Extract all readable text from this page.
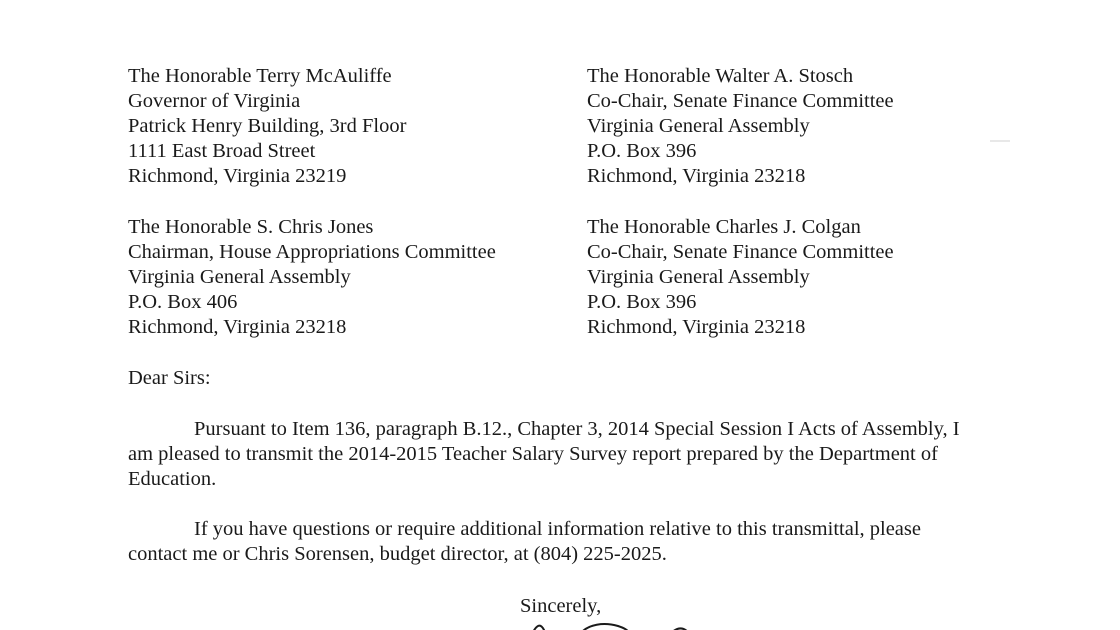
The Honorable Terry McAuliffe
Governor of Virginia
Patrick Henry Building, 3rd Floor
1111 East Broad Street
Richmond, Virginia 23219
The Honorable Walter A. Stosch
Co-Chair, Senate Finance Committee
Virginia General Assembly
P.O. Box 396
Richmond, Virginia 23218
The Honorable S. Chris Jones
Chairman, House Appropriations Committee
Virginia General Assembly
P.O. Box 406
Richmond, Virginia 23218
The Honorable Charles J. Colgan
Co-Chair, Senate Finance Committee
Virginia General Assembly
P.O. Box 396
Richmond, Virginia 23218
Dear Sirs:
Pursuant to Item 136, paragraph B.12., Chapter 3, 2014 Special Session I Acts of Assembly, I am pleased to transmit the 2014-2015 Teacher Salary Survey report prepared by the Department of Education.
If you have questions or require additional information relative to this transmittal, please contact me or Chris Sorensen, budget director, at (804) 225-2025.
Sincerely,
